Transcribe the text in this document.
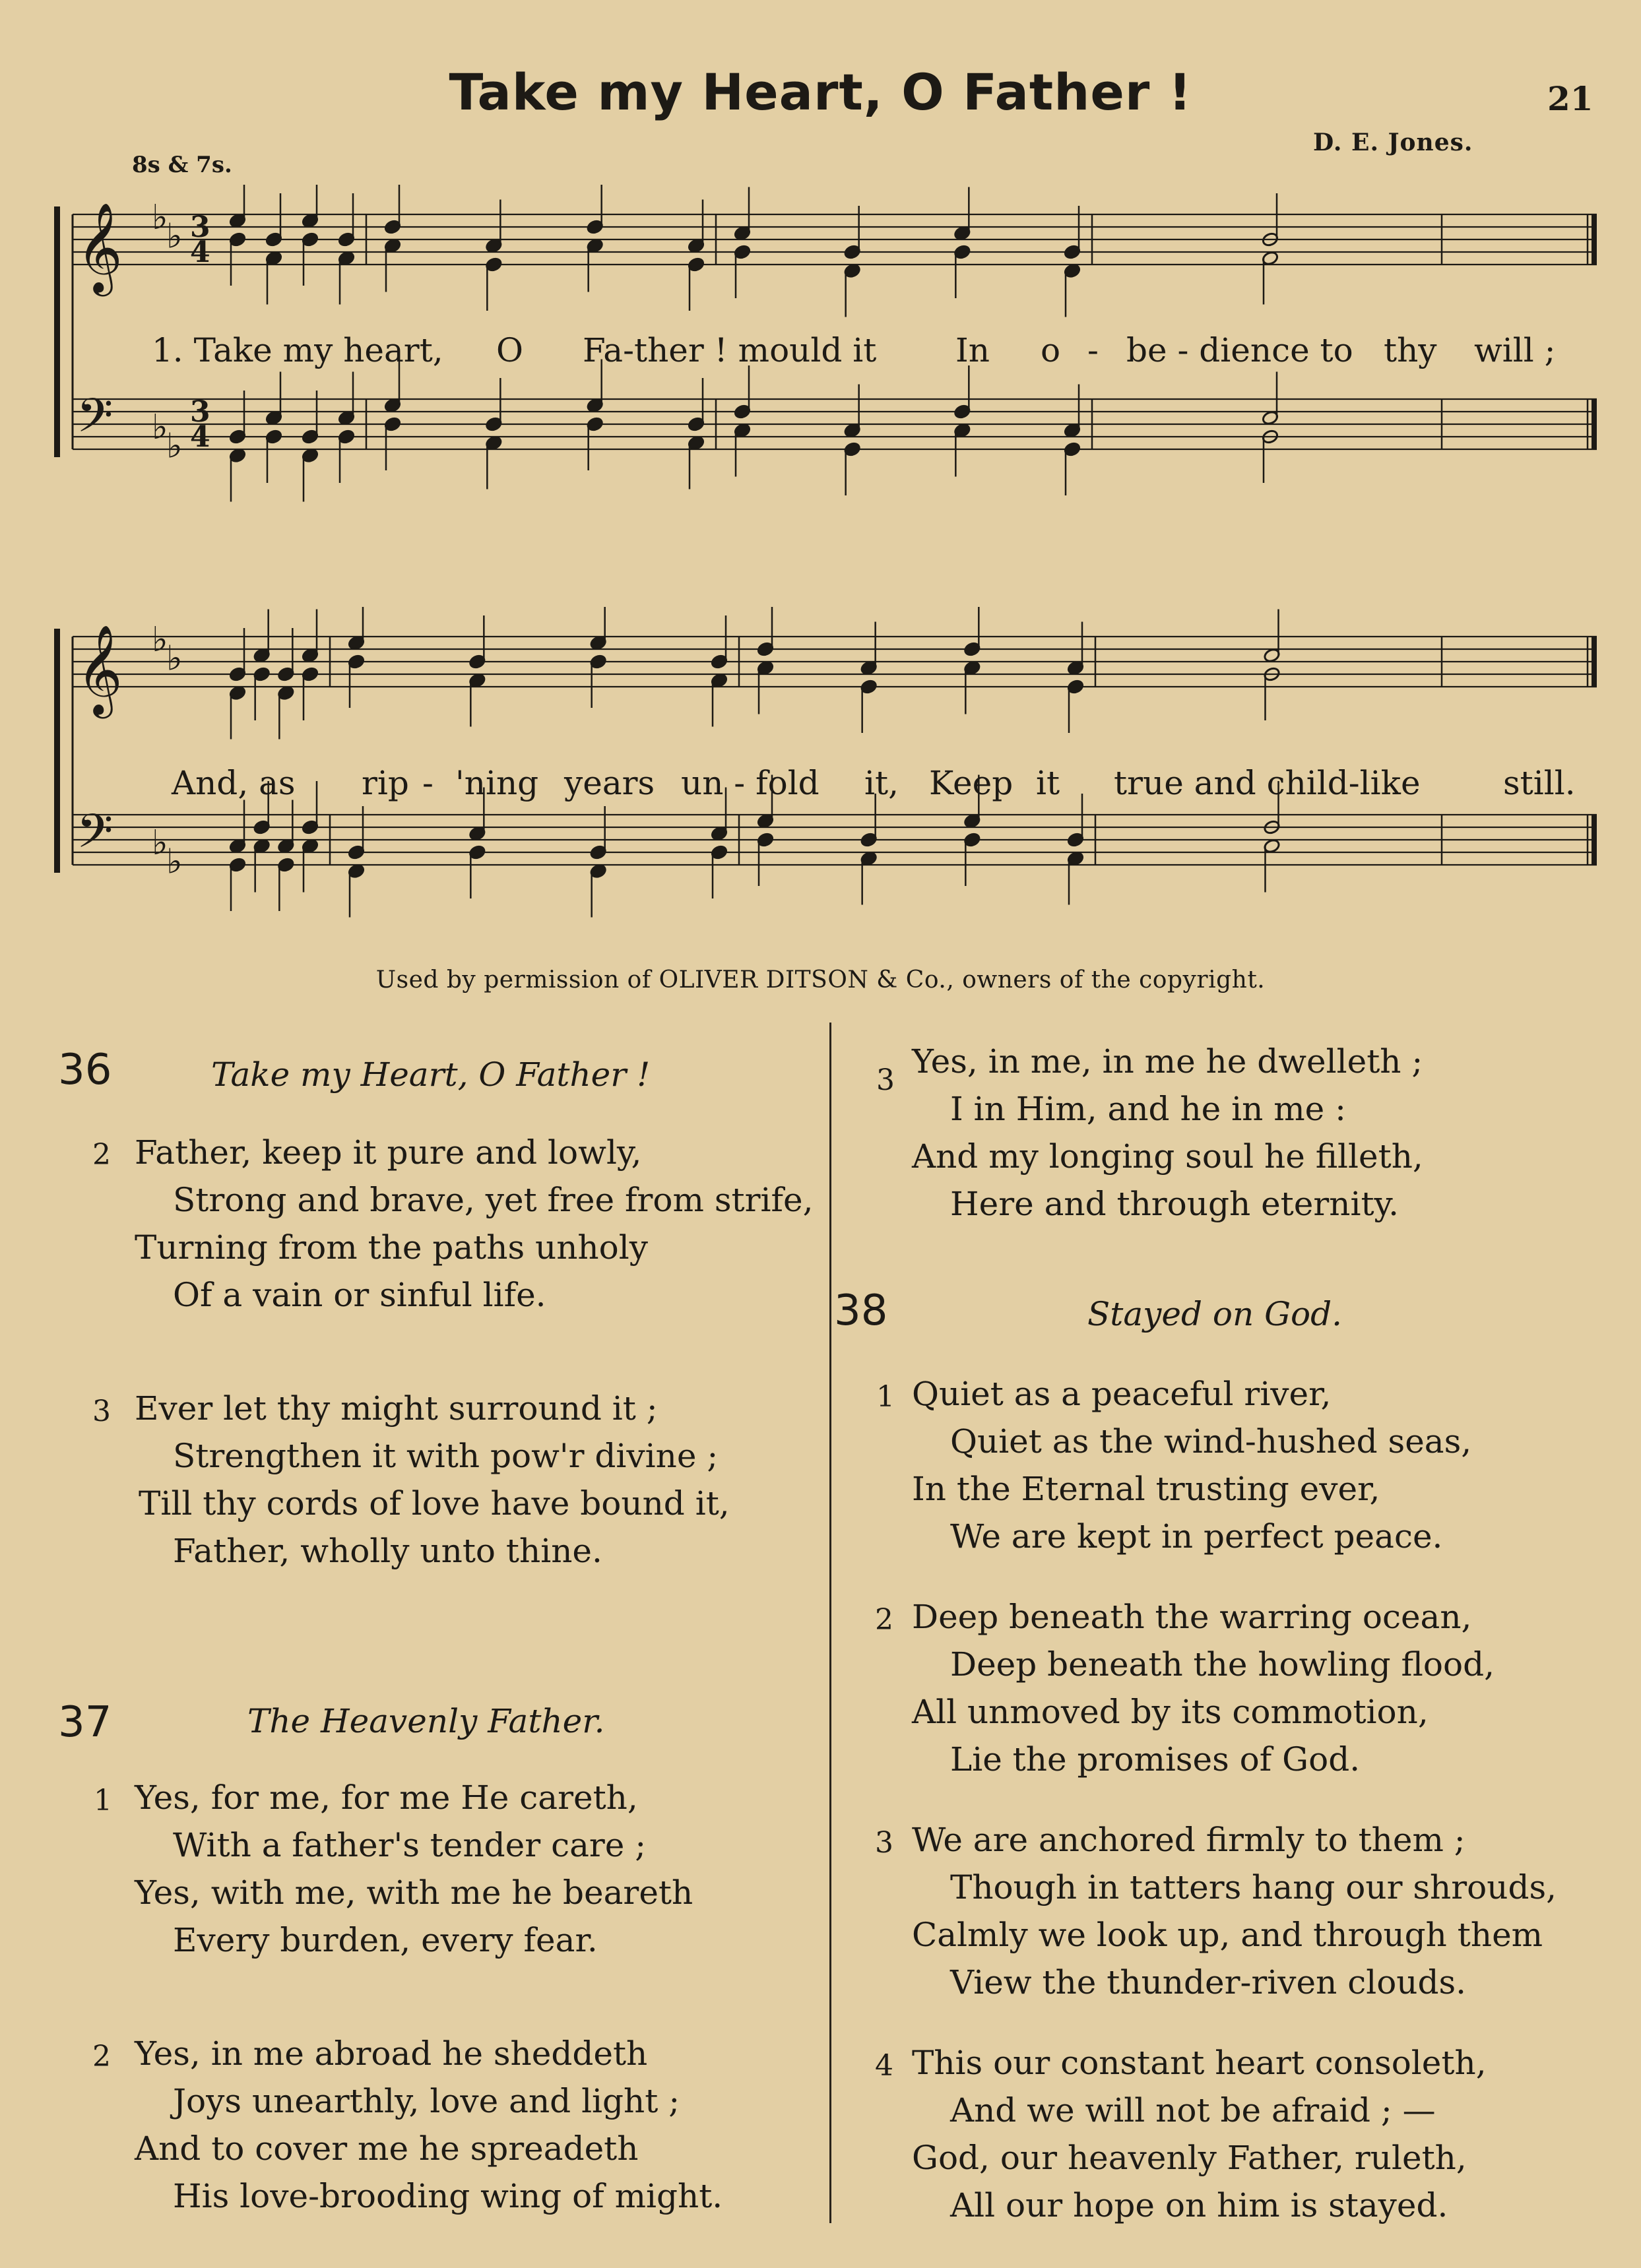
Take my Heart, O Father !	21
D. E. Jones.
8s & 7s.
𝄞 ♭
♭ 3
4
𝄢 ♭
♭
3
4
1. Take my heart, O Fa-ther ! mould it In o - be - dience to thy will ;
𝄞 ♭
♭
𝄢 ♭
♭
And, as rip - 'ning years un - fold it, Keep it true and child-like	still.
Used by permission of OLIVER DITSON & Co., owners of the copyright.
36	Take my Heart, O Father !
2 Father, keep it pure and lowly,
Strong and brave, yet free from strife,
Turning from the paths unholy
Of a vain or sinful life.
3 Ever let thy might surround it ;
Strengthen it with pow'r divine ;
Till thy cords of love have bound it,
Father, wholly unto thine.
37	The Heavenly Father.
1 Yes, for me, for me He careth,
With a father's tender care ;
Yes, with me, with me he beareth
Every burden, every fear.
2 Yes, in me abroad he sheddeth
Joys unearthly, love and light ;
And to cover me he spreadeth
His love-brooding wing of might.
3 Yes, in me, in me he dwelleth ;
I in Him, and he in me :
And my longing soul he filleth,
Here and through eternity.
38	Stayed on God.
1 Quiet as a peaceful river,
Quiet as the wind-hushed seas,
In the Eternal trusting ever,
We are kept in perfect peace.
2 Deep beneath the warring ocean,
Deep beneath the howling flood,
All unmoved by its commotion,
Lie the promises of God.
3 We are anchored firmly to them ;
Though in tatters hang our shrouds,
Calmly we look up, and through them
View the thunder-riven clouds.
4 This our constant heart consoleth,
And we will not be afraid ; —
God, our heavenly Father, ruleth,
All our hope on him is stayed.
